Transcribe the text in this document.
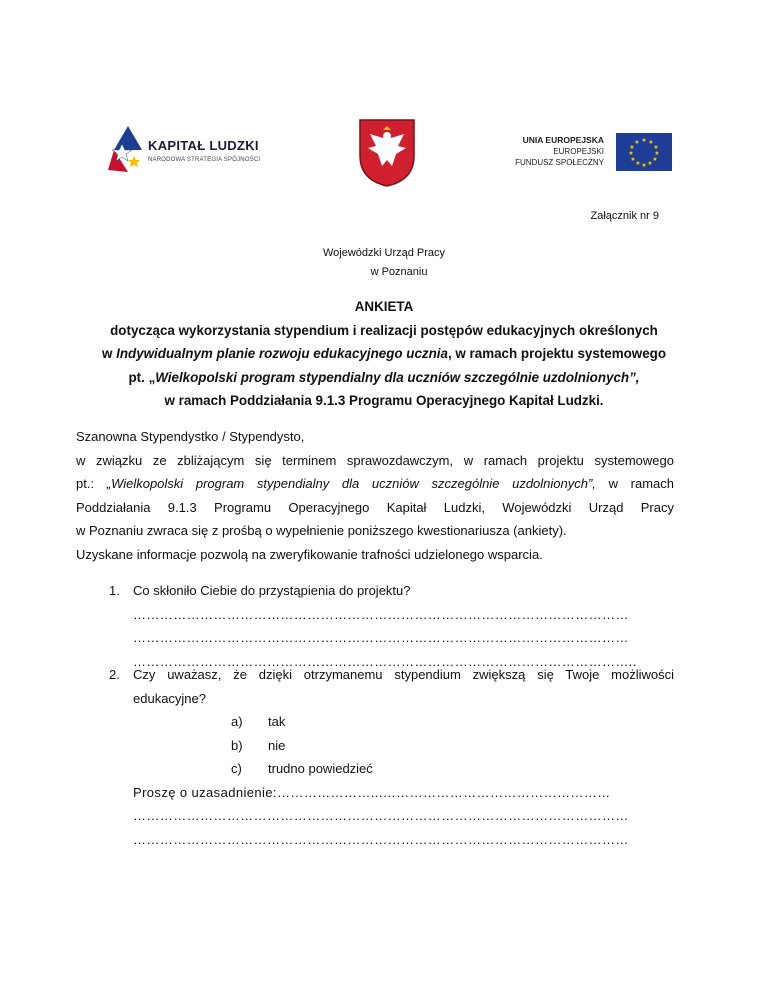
KAPITAŁ LUDZKI
NARODOWA STRATEGIA SPÓJNOŚCI
UNIA EUROPEJSKA
EUROPEJSKI
FUNDUSZ SPOŁECZNY
★ ★
★
★
★
★
★
★
★
★
★
★
Załącznik nr 9
Wojewódzki Urząd Pracy
w Poznaniu
ANKIETA
dotycząca wykorzystania stypendium i realizacji postępów edukacyjnych określonych
w Indywidualnym planie rozwoju edukacyjnego ucznia, w ramach projektu systemowego
pt. „Wielkopolski program stypendialny dla uczniów szczególnie uzdolnionych”,
w ramach Poddziałania 9.1.3 Programu Operacyjnego Kapitał Ludzki.
Szanowna Stypendystko / Stypendysto,
w związku ze zbliżającym się terminem sprawozdawczym, w ramach projektu systemowego
pt.: „Wielkopolski program stypendialny dla uczniów szczególnie uzdolnionych”, w ramach
Poddziałania 9.1.3 Programu Operacyjnego Kapitał Ludzki, Wojewódzki Urząd Pracy
w Poznaniu zwraca się z prośbą o wypełnienie poniższego kwestionariusza (ankiety).
Uzyskane informacje pozwolą na zweryfikowanie trafności udzielonego wsparcia.
1. Co skłoniło Ciebie do przystąpienia do projektu?
…………………………………………………………………………………………………
…………………………………………………………………………………………………
…………………………………………………………………………………………………..
2. Czy uważasz, że dzięki otrzymanemu stypendium zwiększą się Twoje możliwości
edukacyjne?
a) tak
b) nie
c) trudno powiedzieć
Proszę o uzasadnienie:…………………...……………………………………………
…………………………………………………………………………………………………
…………………………………………………………………………………………………
